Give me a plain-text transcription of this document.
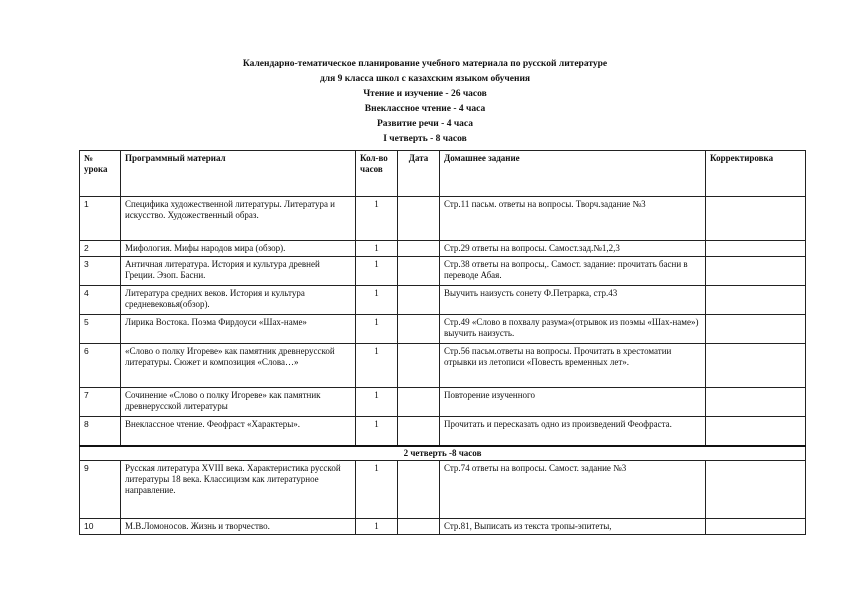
Календарно-тематическое планирование учебного материала по русской литературе
для 9 класса школ с казахским языком обучения
Чтение и изучение - 26 часов
Внеклассное чтение - 4 часа
Развитие речи - 4 часа
I четверть - 8 часов
№ урока	Программный материал	Кол-во часов	Дата	Домашнее задание	Корректировка
1	Специфика художественной литературы. Литература и искусство. Художественный образ.	1		Стр.11 пасьм. ответы на вопросы. Творч.задание №3	
2	Мифология. Мифы народов мира (обзор).	1		Стр.29 ответы на вопросы. Самост.зад.№1,2,3	
3	Античная литература. История и культура древней Греции. Эзоп. Басни.	1		Стр.38 ответы на вопросы,. Самост. задание: прочитать басни в переводе Абая.	
4	Литература средних веков. История и культура средневековья(обзор).	1		Выучить наизусть сонету Ф.Петрарка, стр.43	
5	Лирика Востока. Поэма Фирдоуси «Шах-наме»	1		Стр.49 «Слово в похвалу разума»(отрывок из поэмы «Шах-наме») выучить наизусть.	
6	«Слово о полку Игореве» как памятник древнерусской литературы. Сюжет и композиция «Слова…»	1		Стр.56 пасьм.ответы на вопросы. Прочитать в хрестоматии отрывки из летописи «Повесть временных лет».	
7	Сочинение «Слово о полку Игореве» как памятник древнерусской литературы	1		Повторение изученного	
8	Внеклассное чтение. Феофраст «Характеры».	1		Прочитать и пересказать одно из произведений Феофраста.	
2 четверть -8 часов					
9	Русская литература XVIII века. Характеристика русской литературы 18 века. Классицизм как литературное направление.	1		Стр.74 ответы на вопросы. Самост. задание №3	
10	М.В.Ломоносов. Жизнь и творчество.	1		Стр.81, Выписать из текста тропы-эпитеты,	
